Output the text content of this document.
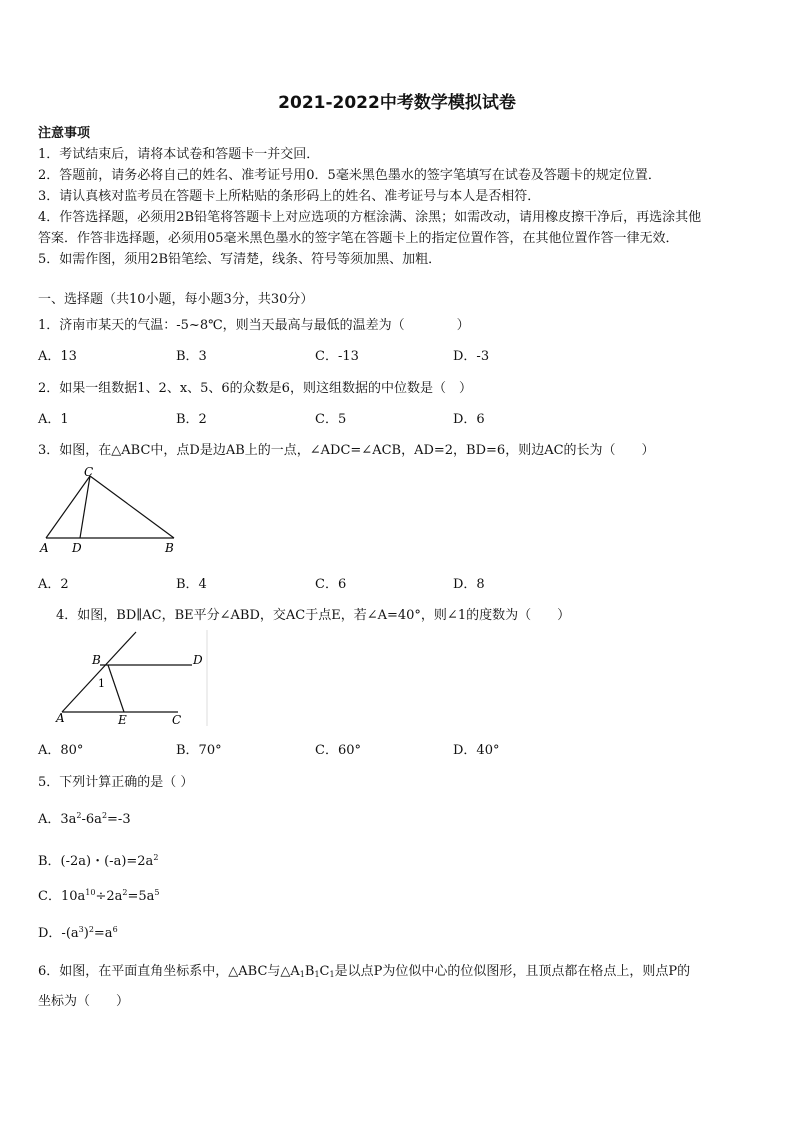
2021-2022中考数学模拟试卷
注意事项
1．考试结束后，请将本试卷和答题卡一并交回．
2．答题前，请务必将自己的姓名、准考证号用0．5毫米黑色墨水的签字笔填写在试卷及答题卡的规定位置．
3．请认真核对监考员在答题卡上所粘贴的条形码上的姓名、准考证号与本人是否相符．
4．作答选择题，必须用2B铅笔将答题卡上对应选项的方框涂满、涂黑；如需改动，请用橡皮擦干净后，再选涂其他
答案．作答非选择题，必须用05毫米黑色墨水的签字笔在答题卡上的指定位置作答，在其他位置作答一律无效．
5．如需作图，须用2B铅笔绘、写清楚，线条、符号等须加黑、加粗．
一、选择题（共10小题，每小题3分，共30分）
1．济南市某天的气温：-5~8℃，则当天最高与最低的温差为（　　　　）
A．13	B．3	C．-13	D．-3
2．如果一组数据1、2、x、5、6的众数是6，则这组数据的中位数是（　）
A．1	B．2	C．5	D．6
3．如图，在△ABC中，点D是边AB上的一点，∠ADC=∠ACB，AD=2，BD=6，则边AC的长为（　　）
A D	B
C
A．2	B．4	C．6	D．8
4．如图，BD∥AC，BE平分∠ABD，交AC于点E，若∠A=40°，则∠1的度数为（　　）
B	D
1
A	E	C
A．80°	B．70°	C．60°	D．40°
5．下列计算正确的是（ ）
A．$3a^2-6a^2=-3$
B．(-2a)・$(-a)=2a^2$
C．$10a^{10}\div 2a^2=5a^5$
D．$-(a^3)^2=a^6$
6．如图，在平面直角坐标系中，△ABC与$\triangle A_1B_1C_1$是以点P为位似中心的位似图形，且顶点都在格点上，则点P的
坐标为（　　）
